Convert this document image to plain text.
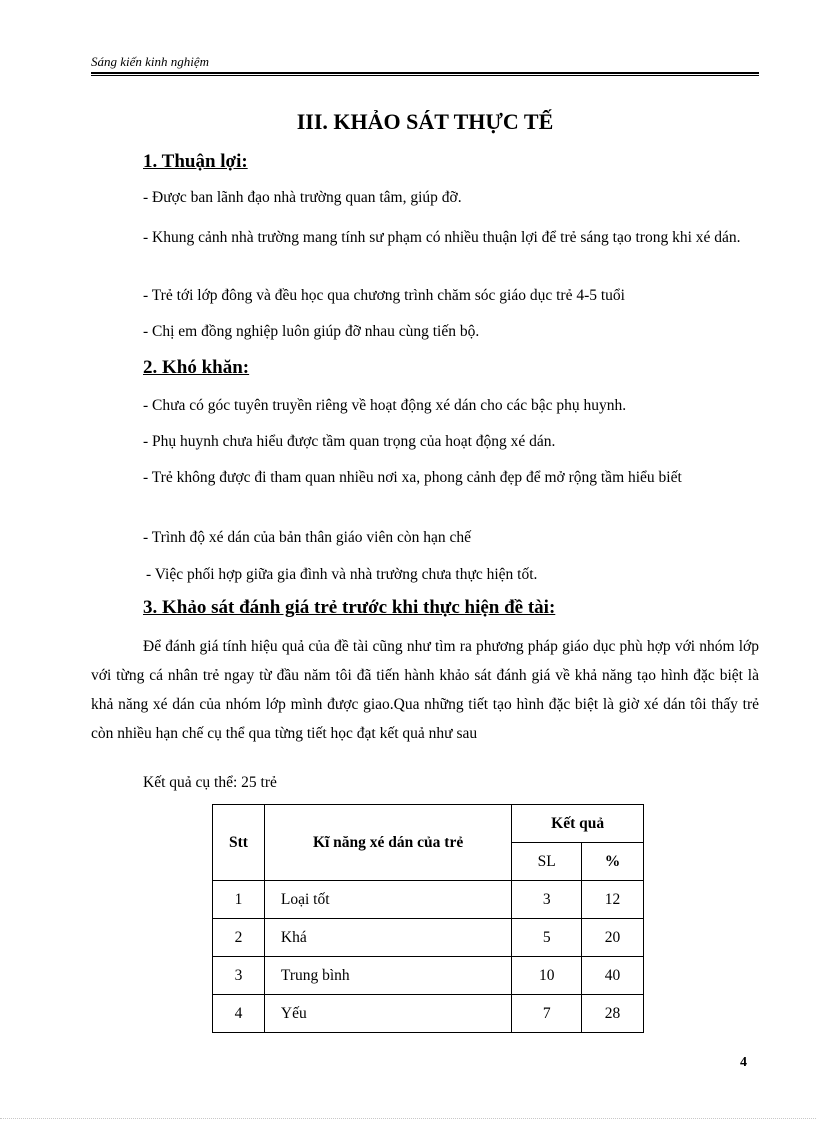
Sáng kiến kinh nghiệm
III. KHẢO SÁT THỰC TẾ
1. Thuận lợi:
- Được ban lãnh đạo nhà trường quan tâm, giúp đỡ.
- Khung cảnh nhà trường mang tính sư phạm có nhiều thuận lợi để trẻ sáng tạo trong khi xé dán.
- Trẻ tới lớp đông và đều học qua chương trình chăm sóc giáo dục trẻ 4-5 tuổi
- Chị em đồng nghiệp luôn giúp đỡ nhau cùng tiến bộ.
2. Khó khăn:
- Chưa có góc tuyên truyền riêng về hoạt động xé dán cho các bậc phụ huynh.
- Phụ huynh chưa hiểu được tầm quan trọng của hoạt động xé dán.
- Trẻ không được đi tham quan nhiều nơi xa, phong cảnh đẹp để mở rộng tầm hiểu biết
- Trình độ xé dán của bản thân giáo viên còn hạn chế
- Việc phối hợp giữa gia đình và nhà trường chưa thực hiện tốt.
3. Khảo sát đánh giá trẻ trước khi thực hiện đề tài:
Để đánh giá tính hiệu quả của đề tài cũng như tìm ra phương pháp giáo dục phù hợp với nhóm lớp với từng cá nhân trẻ ngay từ đầu năm tôi đã tiến hành khảo sát đánh giá về khả năng tạo hình đặc biệt là khả năng xé dán của nhóm lớp mình được giao.Qua những tiết tạo hình đặc biệt là giờ xé dán tôi thấy trẻ còn nhiều hạn chế cụ thể qua từng tiết học đạt kết quả như sau
Kết quả cụ thể: 25 trẻ
Stt	Kĩ năng xé dán của trẻ	Kết quả	
		SL	%
1	Loại tốt	3	12
2	Khá	5	20
3	Trung bình	10	40
4	Yếu	7	28
4
